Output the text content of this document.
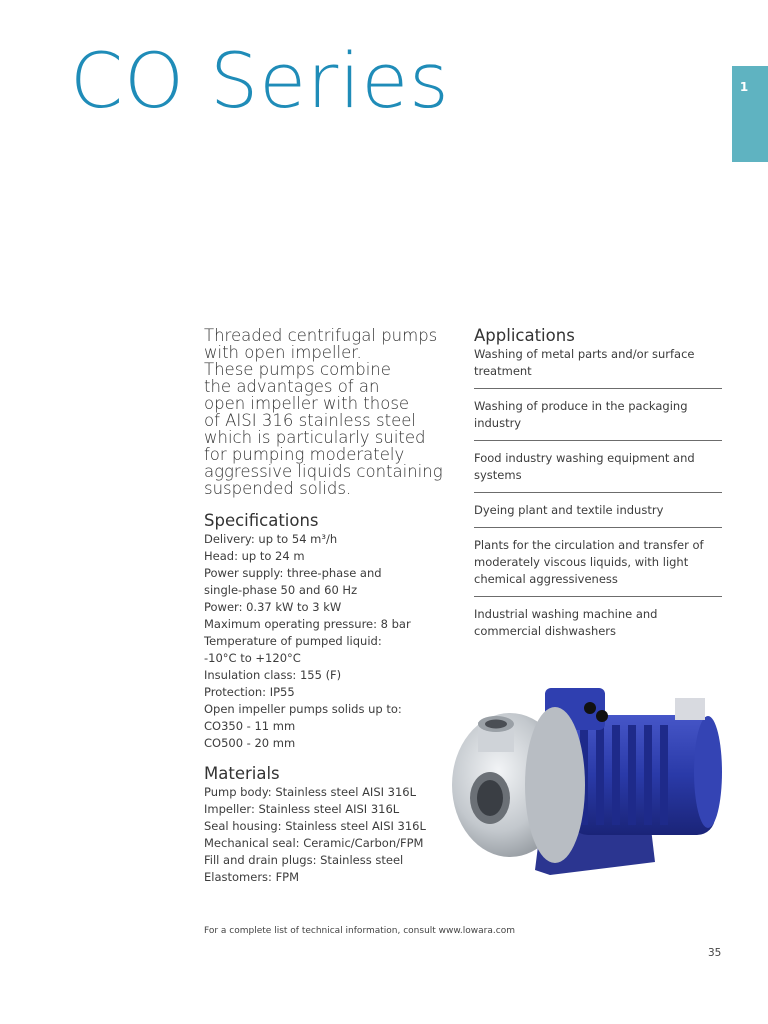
CO Series	1

Threaded centrifugal pumps

with open impeller.

These pumps combine

the advantages of an

open impeller with those

of AISI 316 stainless steel

which is particularly suited

for pumping moderately

aggressive liquids containing

suspended solids.

Specifications
Delivery: up to 54 m³/h
Head: up to 24 m
Power supply: three-phase and
single-phase 50 and 60 Hz
Power: 0.37 kW to 3 kW
Maximum operating pressure: 8 bar
Temperature of pumped liquid:
-10°C to +120°C
Insulation class: 155 (F)
Protection: IP55
Open impeller pumps solids up to:
CO350 - 11 mm
CO500 - 20 mm
Materials
Pump body: Stainless steel AISI 316L
Impeller: Stainless steel AISI 316L
Seal housing: Stainless steel AISI 316L
Mechanical seal: Ceramic/Carbon/FPM
Fill and drain plugs: Stainless steel
Elastomers: FPM
Applications
Washing of metal parts and/or surface treatment
Washing of produce in the packaging industry
Food industry washing equipment and systems
Dyeing plant and textile industry
Plants for the circulation and transfer of moderately viscous liquids, with light chemical aggressiveness
Industrial washing machine and commercial dishwashers
For a complete list of technical information, consult www.lowara.com
35
